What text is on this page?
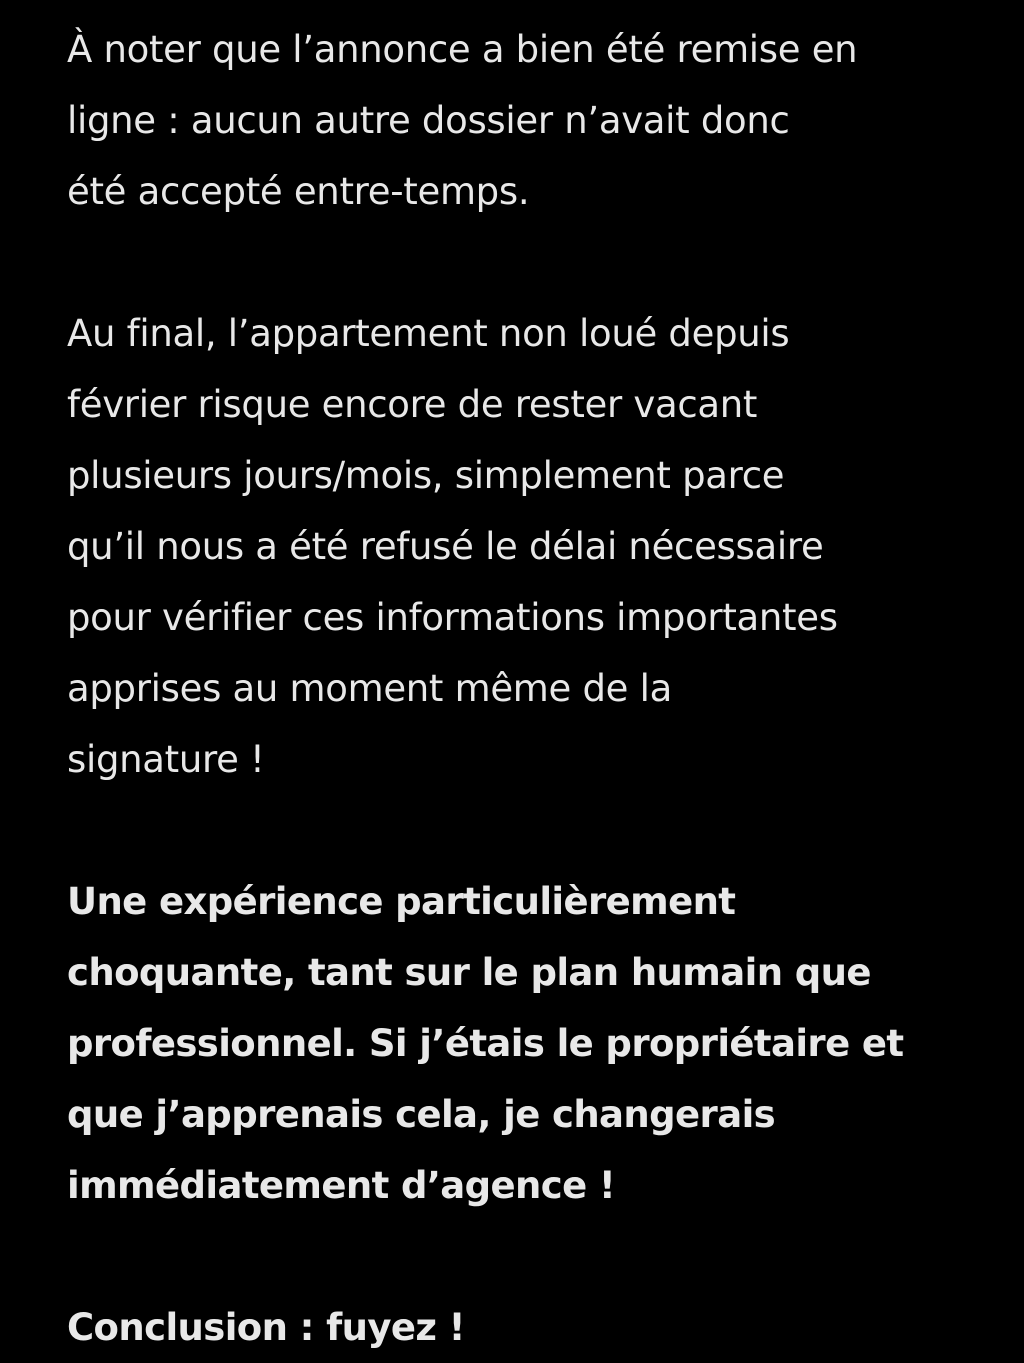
À noter que l’annonce a bien été remise en
ligne : aucun autre dossier n’avait donc
été accepté entre-temps.

Au final, l’appartement non loué depuis
février risque encore de rester vacant
plusieurs jours/mois, simplement parce
qu’il nous a été refusé le délai nécessaire
pour vérifier ces informations importantes
apprises au moment même de la
signature !

Une expérience particulièrement
choquante, tant sur le plan humain que
professionnel. Si j’étais le propriétaire et
que j’apprenais cela, je changerais
immédiatement d’agence !

Conclusion : fuyez !
